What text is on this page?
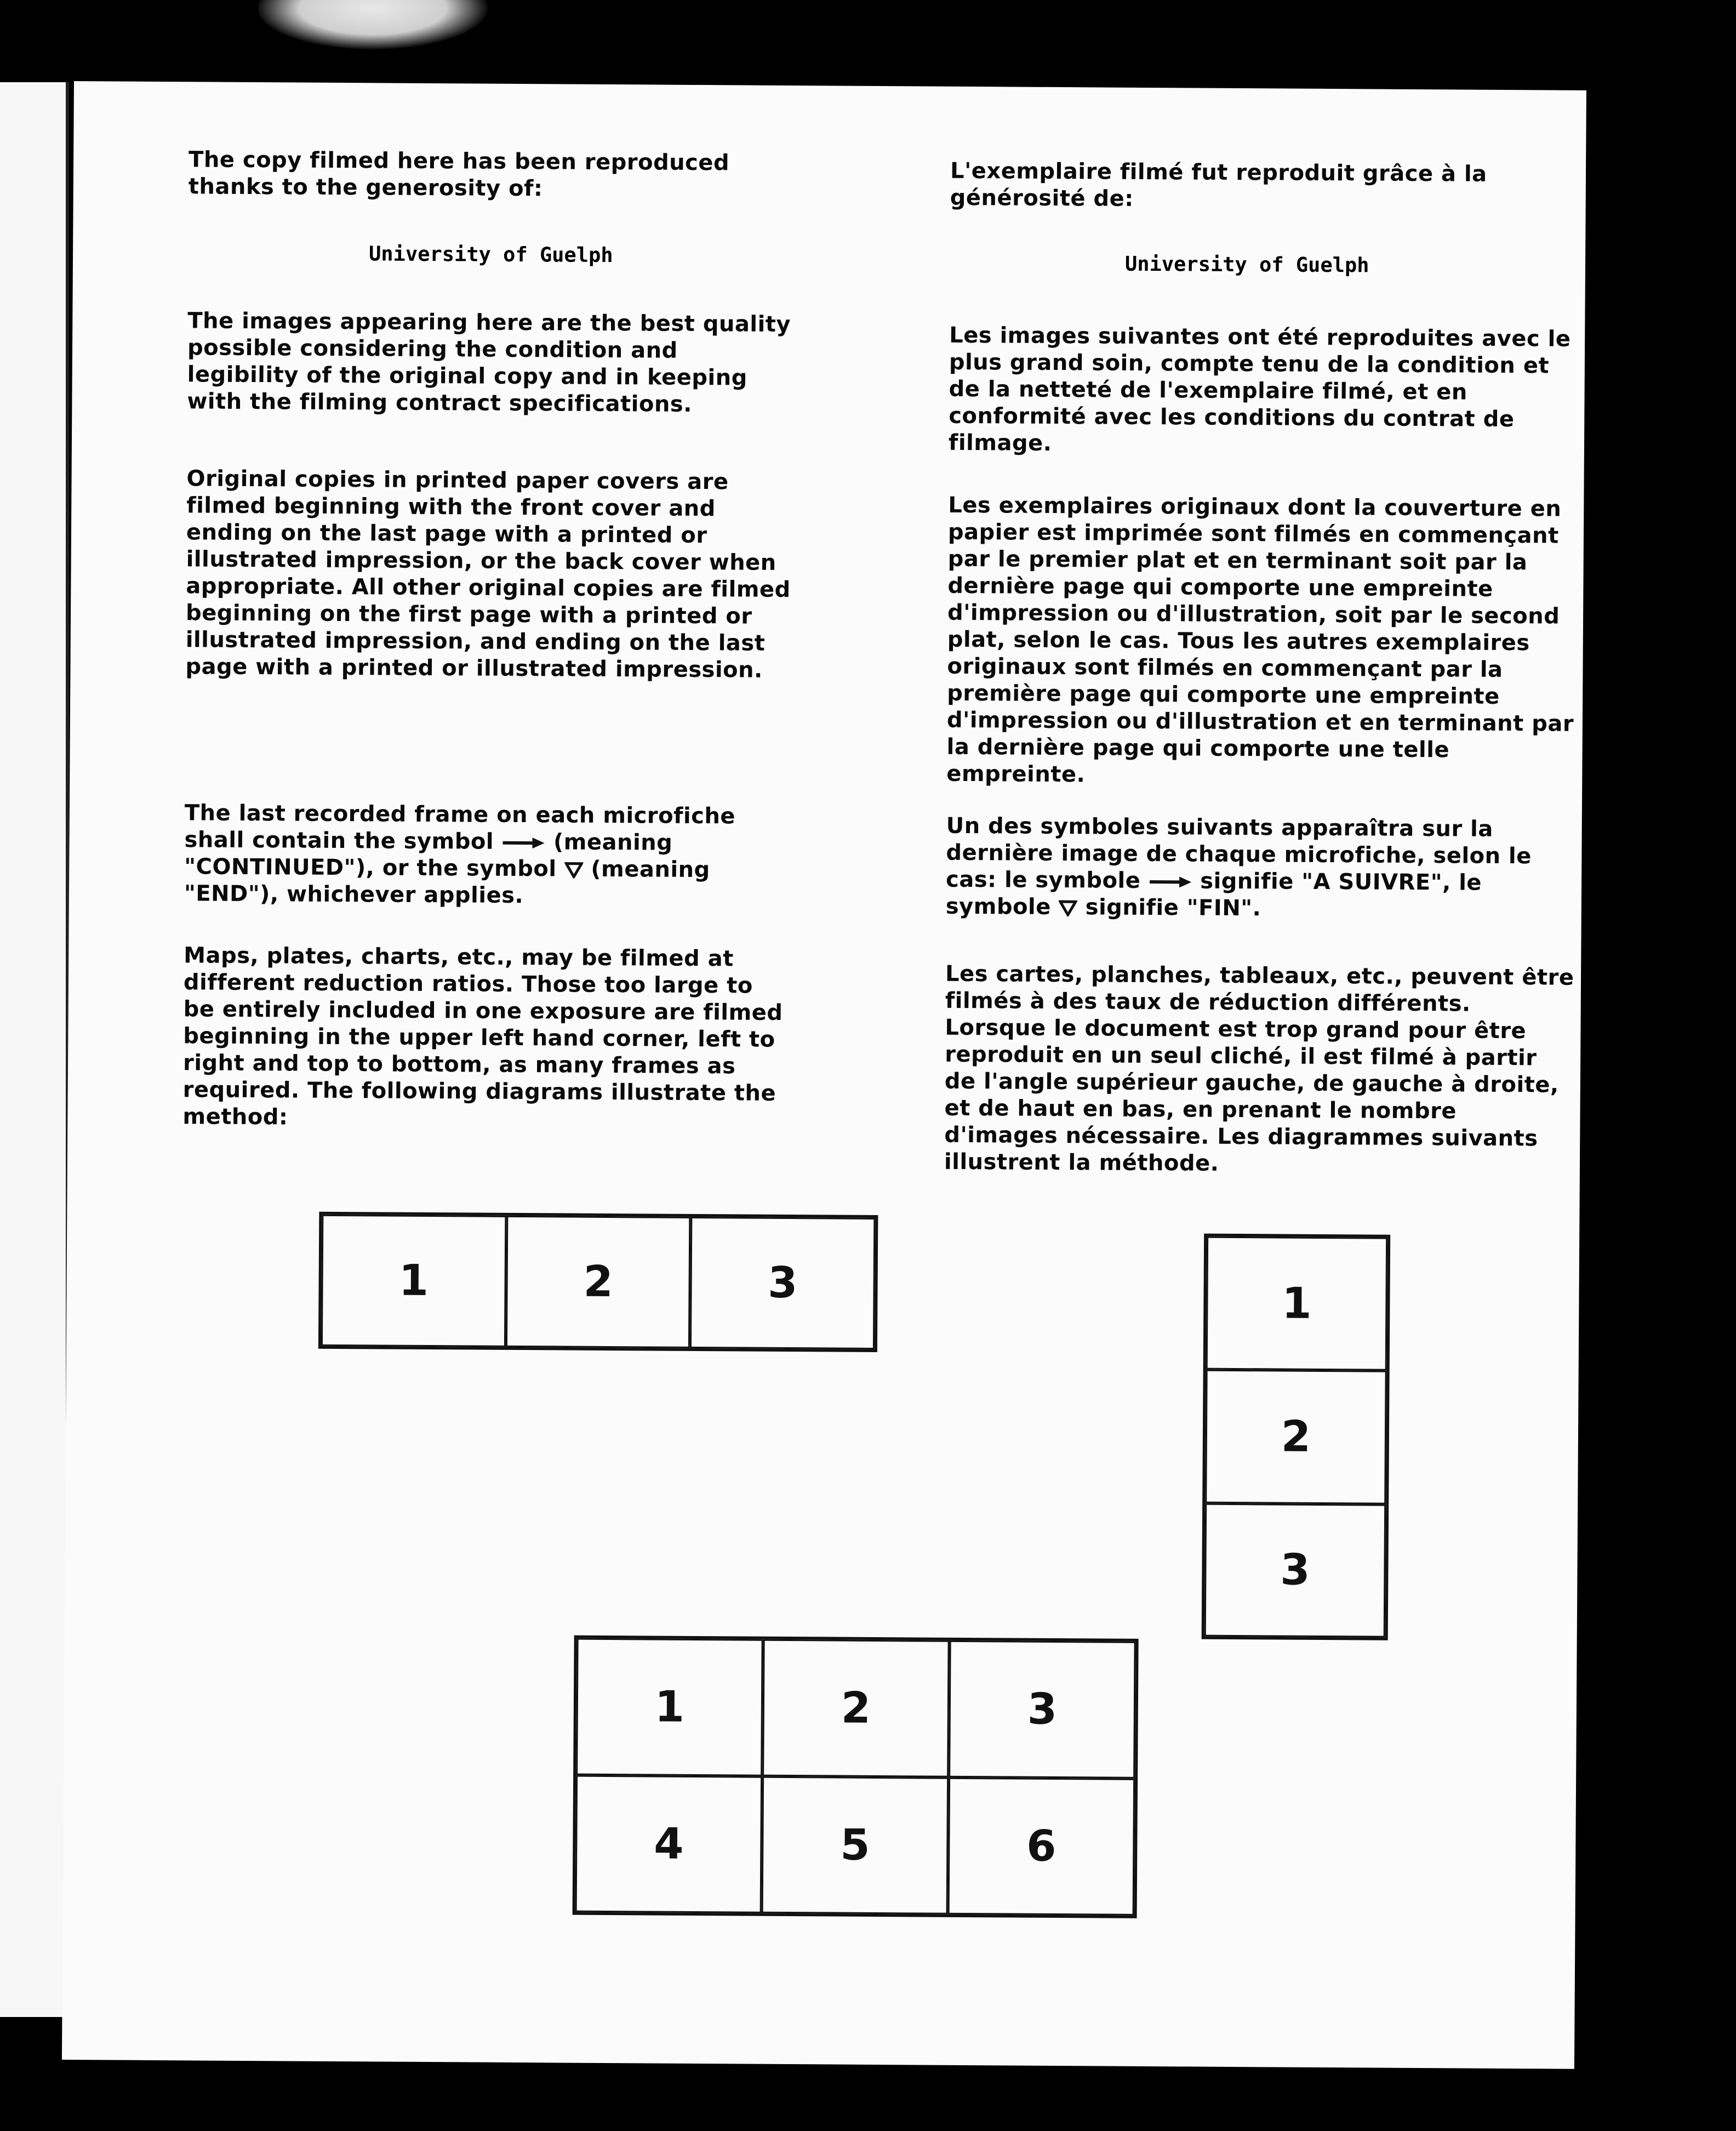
The copy filmed here has been reproduced thanks to the generosity of:

University of Guelph

The images appearing here are the best quality possible considering the condition and legibility of the original copy and in keeping with the filming contract specifications.

Original copies in printed paper covers are filmed beginning with the front cover and ending on the last page with a printed or illustrated impression, or the back cover when appropriate. All other original copies are filmed beginning on the first page with a printed or illustrated impression, and ending on the last page with a printed or illustrated impression.

The last recorded frame on each microfiche shall contain the symbol	(meaning "CONTINUED"), or the symbol (meaning "END"), whichever applies.

Maps, plates, charts, etc., may be filmed at different reduction ratios. Those too large to be entirely included in one exposure are filmed beginning in the upper left hand corner, left to right and top to bottom, as many frames as required. The following diagrams illustrate the method:

L'exemplaire filmé fut reproduit grâce à la générosité de:

University of Guelph

Les images suivantes ont été reproduites avec le plus grand soin, compte tenu de la condition et de la netteté de l'exemplaire filmé, et en conformité avec les conditions du contrat de filmage.

Les exemplaires originaux dont la couverture en papier est imprimée sont filmés en commençant par le premier plat et en terminant soit par la dernière page qui comporte une empreinte d'impression ou d'illustration, soit par le second plat, selon le cas. Tous les autres exemplaires originaux sont filmés en commençant par la première page qui comporte une empreinte d'impression ou d'illustration et en terminant par la dernière page qui comporte une telle empreinte.

Un des symboles suivants apparaîtra sur la dernière image de chaque microfiche, selon le cas: le symbole	signifie "A SUIVRE", le symbole signifie "FIN".

Les cartes, planches, tableaux, etc., peuvent être filmés à des taux de réduction différents. Lorsque le document est trop grand pour être reproduit en un seul cliché, il est filmé à partir de l'angle supérieur gauche, de gauche à droite, et de haut en bas, en prenant le nombre d'images nécessaire. Les diagrammes suivants illustrent la méthode.

1	2	3	1
2
3
1	2	3
4	5	6
